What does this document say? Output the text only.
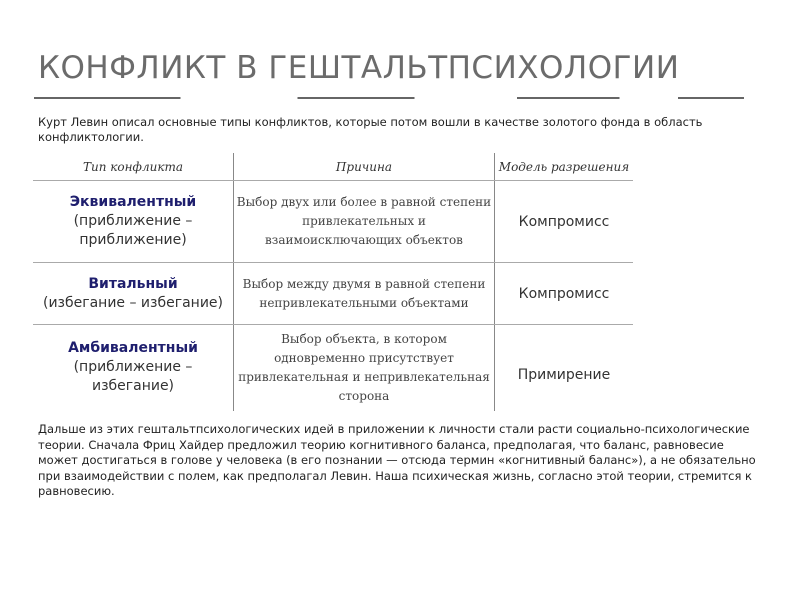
КОНФЛИКТ В ГЕШТАЛЬТПСИХОЛОГИИ
Курт Левин описал основные типы конфликтов, которые потом вошли в качестве золотого фонда в область конфликтологии.
Тип конфликта	Причина	Модель разрешения

Эквивалентный
(приближение – приближение)	Выбор двух или более в равной степени привлекательных и взаимоисключающих объектов	Компромисс

Витальный
(избегание – избегание)	Выбор между двумя в равной степени непривлекательными объектами	Компромисс

Амбивалентный
(приближение – избегание)	Выбор объекта, в котором одновременно присутствует привлекательная и непривлекательная сторона	Примирение
Дальше из этих гештальтпсихологических идей в приложении к личности стали расти социально-психологические теории. Сначала Фриц Хайдер предложил теорию когнитивного баланса, предполагая, что баланс, равновесие может достигаться в голове у человека (в его познании — отсюда термин «когнитивный баланс»), а не обязательно при взаимодействии с полем, как предполагал Левин. Наша психическая жизнь, согласно этой теории, стремится к равновесию.
